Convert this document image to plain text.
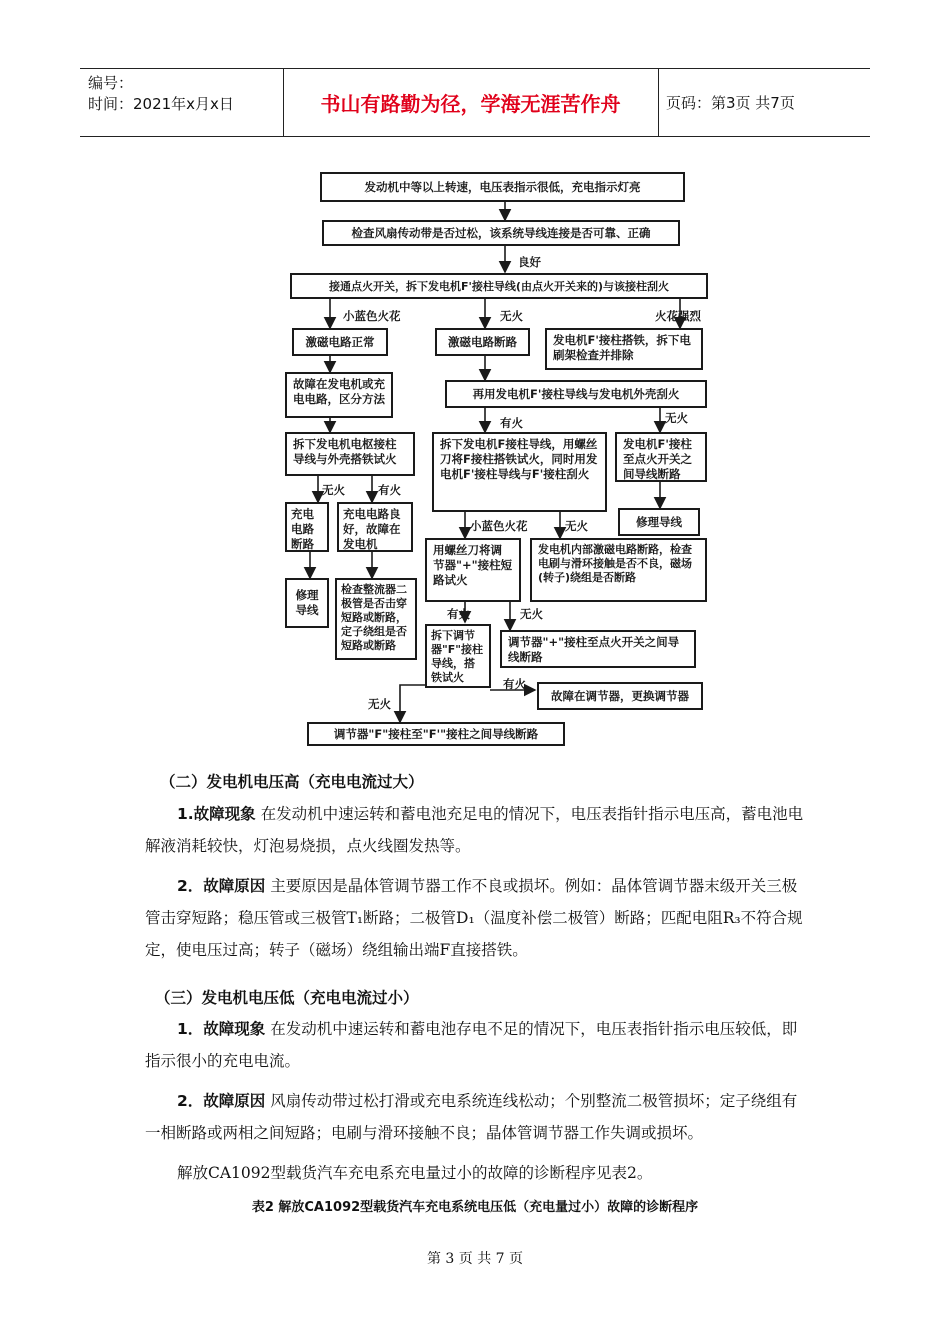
编号：
时间：2021年x月x日	书山有路勤为径，学海无涯苦作舟	页码：第3页 共7页
发动机中等以上转速，电压表指示很低，充电指示灯亮
检查风扇传动带是否过松，该系统导线连接是否可靠、正确
良好
接通点火开关，拆下发电机F'接柱导线(由点火开关来的)与该接柱刮火
小蓝色火花	无火	火花强烈
激磁电路正常	激磁电路断路	发电机F'接柱搭铁，拆下电刷架检查并排除
故障在发电机或充电电路，区分方法	再用发电机F'接柱导线与发电机外壳刮火
有火	无火
拆下发电机电枢接柱导线与外壳搭铁试火
拆下发电机F接柱导线，用螺丝刀将F接柱搭铁试火，同时用发电机F'接柱导线与F'接柱刮火
发电机F'接柱至点火开关之间导线断路
无火	有火
充电电路断路
充电电路良好，故障在发电机
修理导线
小蓝色火花	无火
用螺丝刀将调节器"+"接柱短路试火
发电机内部激磁电路断路，检查电刷与滑环接触是否不良，磁场(转子)绕组是否断路
修理导线
检查整流器二极管是否击穿短路或断路，定子绕组是否短路或断路
有火	无火
拆下调节器"F"接柱导线，搭铁试火
调节器"+"接柱至点火开关之间导线断路
无火
有火
故障在调节器，更换调节器
调节器"F"接柱至"F'"接柱之间导线断路
（二）发电机电压高（充电电流过大）
1.故障现象 在发动机中速运转和蓄电池充足电的情况下，电压表指针指示电压高，蓄电池电解液消耗较快，灯泡易烧损，点火线圈发热等。
2．故障原因 主要原因是晶体管调节器工作不良或损坏。例如：晶体管调节器末级开关三极管击穿短路；稳压管或三极管T₁断路；二极管D₁（温度补偿二极管）断路；匹配电阻R₃不符合规定，使电压过高；转子（磁场）绕组输出端F直接搭铁。
（三）发电机电压低（充电电流过小）
1．故障现象 在发动机中速运转和蓄电池存电不足的情况下，电压表指针指示电压较低，即指示很小的充电电流。
2．故障原因 风扇传动带过松打滑或充电系统连线松动；个别整流二极管损坏；定子绕组有一相断路或两相之间短路；电刷与滑环接触不良；晶体管调节器工作失调或损坏。
解放CA1092型载货汽车充电系充电量过小的故障的诊断程序见表2。
表2 解放CA1092型载货汽车充电系统电压低（充电量过小）故障的诊断程序
第 3 页 共 7 页
